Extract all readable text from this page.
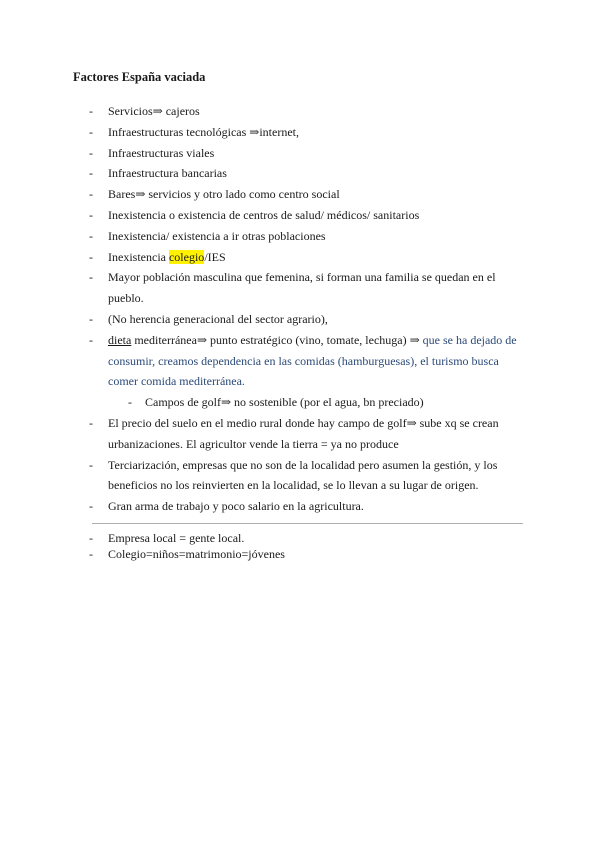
Factores España vaciada
- Servicios⇒ cajeros
- Infraestructuras tecnológicas ⇒internet,
- Infraestructuras viales
- Infraestructura bancarias
- Bares⇒ servicios y otro lado como centro social
- Inexistencia o existencia de centros de salud/ médicos/ sanitarios
- Inexistencia/ existencia a ir otras poblaciones
- Inexistencia colegio/IES
- Mayor población masculina que femenina, si forman una familia se quedan en el pueblo.
- (No herencia generacional del sector agrario),
- dieta mediterránea⇒ punto estratégico (vino, tomate, lechuga) ⇒ que se ha dejado de consumir, creamos dependencia en las comidas (hamburguesas), el turismo busca comer comida mediterránea.
- Campos de golf⇒ no sostenible (por el agua, bn preciado)
- El precio del suelo en el medio rural donde hay campo de golf⇒ sube xq se crean urbanizaciones. El agricultor vende la tierra = ya no produce
- Terciarización, empresas que no son de la localidad pero asumen la gestión, y los beneficios no los reinvierten en la localidad, se lo llevan a su lugar de origen.
- Gran arma de trabajo y poco salario en la agricultura.
- Empresa local = gente local.
- Colegio=niños=matrimonio=jóvenes
